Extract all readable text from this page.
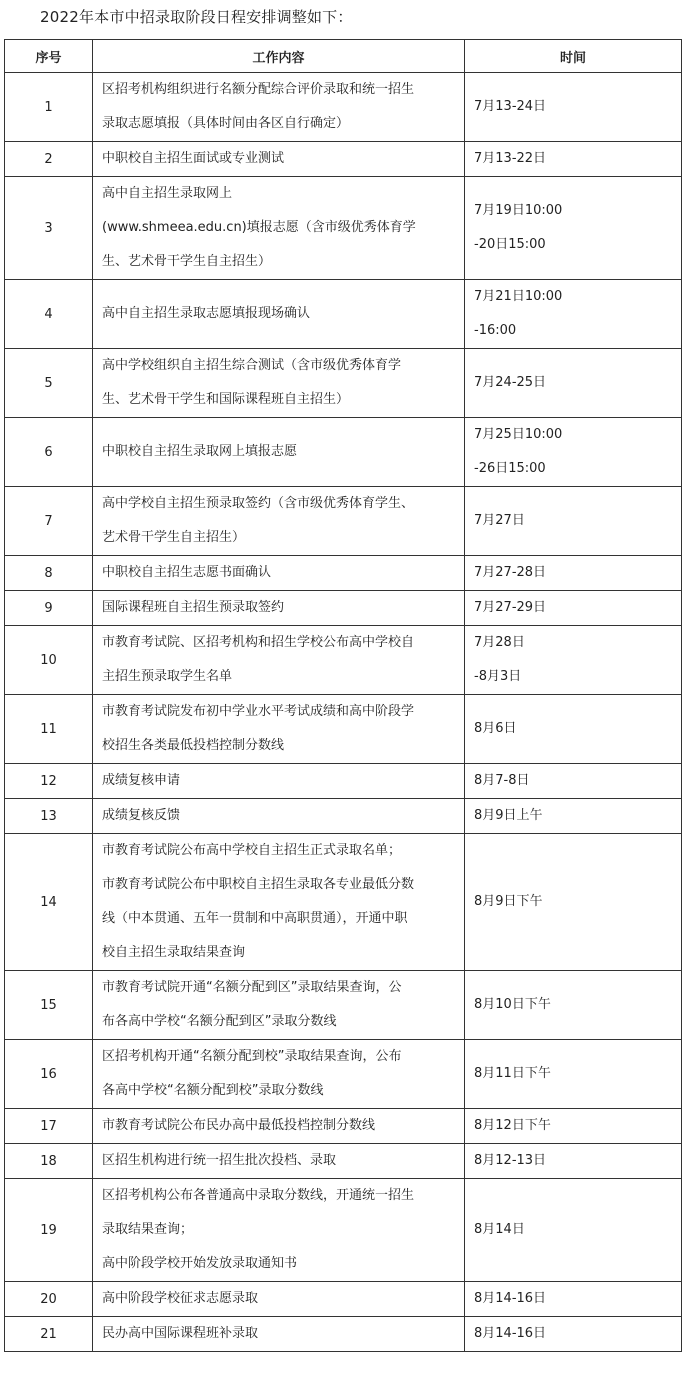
2022年本市中招录取阶段日程安排调整如下：
序号	工作内容	时间
1	区招考机构组织进行名额分配综合评价录取和统一招生
录取志愿填报（具体时间由各区自行确定）	7月13-24日

2	中职校自主招生面试或专业测试	7月13-22日

3	高中自主招生录取网上
(www.shmeea.edu.cn)填报志愿（含市级优秀体育学
生、艺术骨干学生自主招生）	7月19日10:00
-20日15:00

4	高中自主招生录取志愿填报现场确认	7月21日10:00
-16:00

5	高中学校组织自主招生综合测试（含市级优秀体育学
生、艺术骨干学生和国际课程班自主招生）	7月24-25日

6	中职校自主招生录取网上填报志愿	7月25日10:00
-26日15:00

7	高中学校自主招生预录取签约（含市级优秀体育学生、
艺术骨干学生自主招生）	7月27日

8	中职校自主招生志愿书面确认	7月27-28日

9	国际课程班自主招生预录取签约	7月27-29日

10	市教育考试院、区招考机构和招生学校公布高中学校自
主招生预录取学生名单	7月28日
-8月3日

11	市教育考试院发布初中学业水平考试成绩和高中阶段学
校招生各类最低投档控制分数线	8月6日

12	成绩复核申请	8月7-8日

13	成绩复核反馈	8月9日上午

14	市教育考试院公布高中学校自主招生正式录取名单；
市教育考试院公布中职校自主招生录取各专业最低分数
线（中本贯通、五年一贯制和中高职贯通），开通中职
校自主招生录取结果查询	8月9日下午

15	市教育考试院开通“名额分配到区”录取结果查询，公
布各高中学校“名额分配到区”录取分数线	8月10日下午

16	区招考机构开通“名额分配到校”录取结果查询，公布
各高中学校“名额分配到校”录取分数线	8月11日下午

17	市教育考试院公布民办高中最低投档控制分数线	8月12日下午

18	区招生机构进行统一招生批次投档、录取	8月12-13日

19	区招考机构公布各普通高中录取分数线，开通统一招生
录取结果查询；
高中阶段学校开始发放录取通知书	8月14日

20	高中阶段学校征求志愿录取	8月14-16日

21	民办高中国际课程班补录取	8月14-16日
